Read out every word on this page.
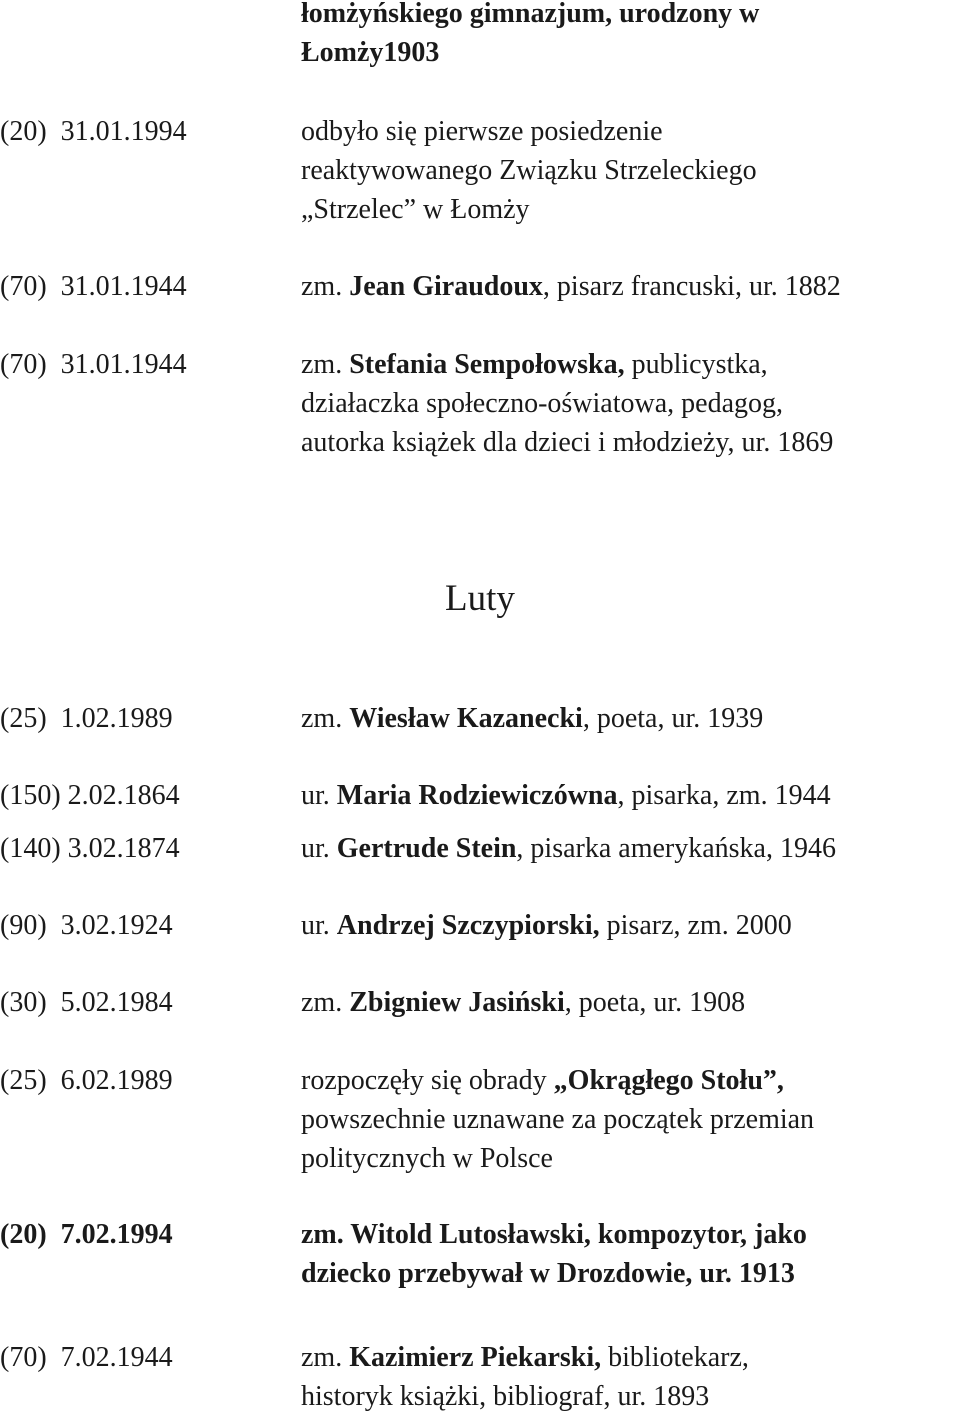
łomżyńskiego gimnazjum, urodzony w
Łomży1903
Luty
(20)  31.01.1994	odbyło się pierwsze posiedzenie
reaktywowanego Związku Strzeleckiego
„Strzelec” w Łomży
(70)  31.01.1944	zm. Jean Giraudoux, pisarz francuski, ur. 1882
(70)  31.01.1944	zm. Stefania Sempołowska, publicystka,
działaczka społeczno-oświatowa, pedagog,
autorka książek dla dzieci i młodzieży, ur. 1869
(25)  1.02.1989	zm. Wiesław Kazanecki, poeta, ur. 1939
(150) 2.02.1864	ur. Maria Rodziewiczówna, pisarka, zm. 1944
(140) 3.02.1874	ur. Gertrude Stein, pisarka amerykańska, 1946
(90)  3.02.1924	ur. Andrzej Szczypiorski, pisarz, zm. 2000
(30)  5.02.1984	zm. Zbigniew Jasiński, poeta, ur. 1908
(25)  6.02.1989	rozpoczęły się obrady „Okrągłego Stołu”,
powszechnie uznawane za początek przemian
politycznych w Polsce
(20)  7.02.1994	zm. Witold Lutosławski, kompozytor, jako
dziecko przebywał w Drozdowie, ur. 1913
(70)  7.02.1944	zm. Kazimierz Piekarski, bibliotekarz,
historyk książki, bibliograf, ur. 1893
